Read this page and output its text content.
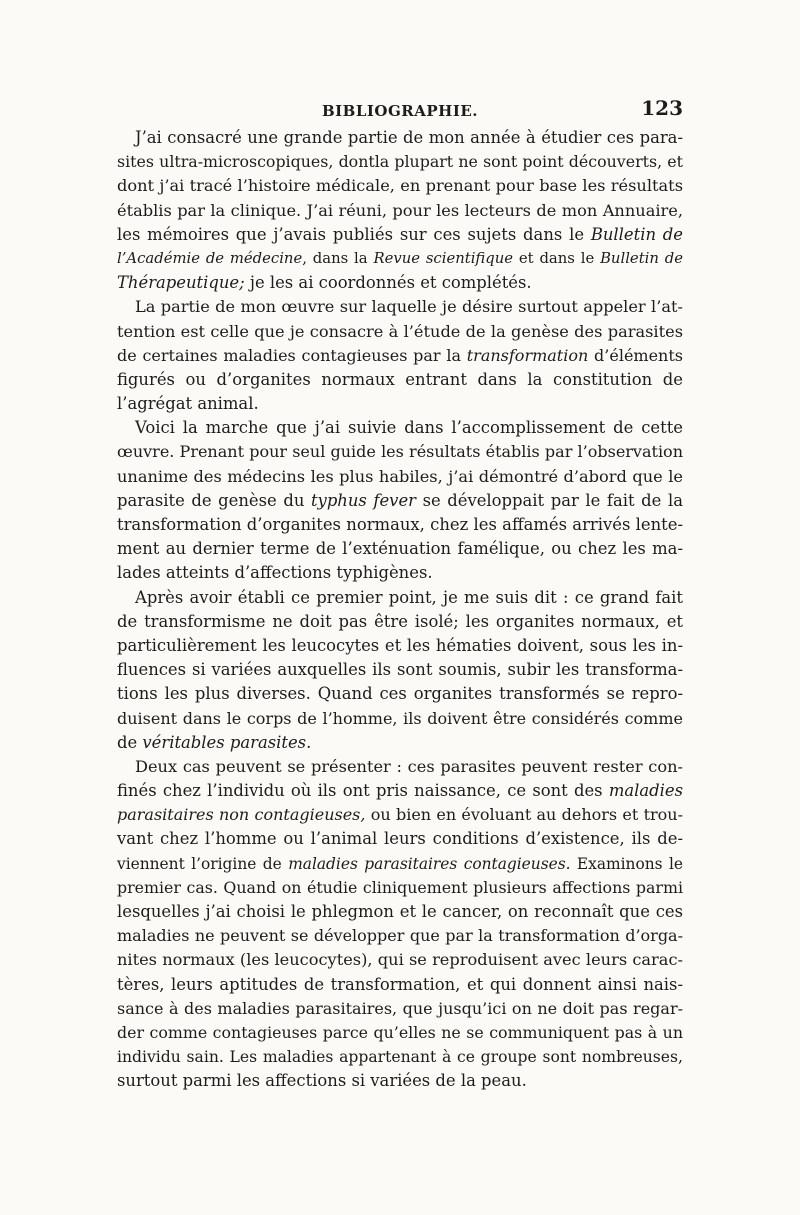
BIBLIOGRAPHIE.	123
J’ai consacré une grande partie de mon année à étudier ces para-
sites ultra-microscopiques, dontla plupart ne sont point découverts, et
dont j’ai tracé l’histoire médicale, en prenant pour base les résultats
établis par la clinique. J’ai réuni, pour les lecteurs de mon Annuaire,
les mémoires que j’avais publiés sur ces sujets dans le Bulletin de
l’Académie de médecine, dans la Revue scientifique et dans le Bulletin de
Thérapeutique; je les ai coordonnés et complétés.
La partie de mon œuvre sur laquelle je désire surtout appeler l’at-
tention est celle que je consacre à l’étude de la genèse des parasites
de certaines maladies contagieuses par la transformation d’éléments
figurés ou d’organites normaux entrant dans la constitution de
l’agrégat animal.
Voici la marche que j’ai suivie dans l’accomplissement de cette
œuvre. Prenant pour seul guide les résultats établis par l’observation
unanime des médecins les plus habiles, j’ai démontré d’abord que le
parasite de genèse du typhus fever se développait par le fait de la
transformation d’organites normaux, chez les affamés arrivés lente-
ment au dernier terme de l’exténuation famélique, ou chez les ma-
lades atteints d’affections typhigènes.
Après avoir établi ce premier point, je me suis dit : ce grand fait
de transformisme ne doit pas être isolé; les organites normaux, et
particulièrement les leucocytes et les hématies doivent, sous les in-
fluences si variées auxquelles ils sont soumis, subir les transforma-
tions les plus diverses. Quand ces organites transformés se repro-
duisent dans le corps de l’homme, ils doivent être considérés comme
de véritables parasites.
Deux cas peuvent se présenter : ces parasites peuvent rester con-
finés chez l’individu où ils ont pris naissance, ce sont des maladies
parasitaires non contagieuses, ou bien en évoluant au dehors et trou-
vant chez l’homme ou l’animal leurs conditions d’existence, ils de-
viennent l’origine de maladies parasitaires contagieuses. Examinons le
premier cas. Quand on étudie cliniquement plusieurs affections parmi
lesquelles j’ai choisi le phlegmon et le cancer, on reconnaît que ces
maladies ne peuvent se développer que par la transformation d’orga-
nites normaux (les leucocytes), qui se reproduisent avec leurs carac-
tères, leurs aptitudes de transformation, et qui donnent ainsi nais-
sance à des maladies parasitaires, que jusqu’ici on ne doit pas regar-
der comme contagieuses parce qu’elles ne se communiquent pas à un
individu sain. Les maladies appartenant à ce groupe sont nombreuses,
surtout parmi les affections si variées de la peau.
